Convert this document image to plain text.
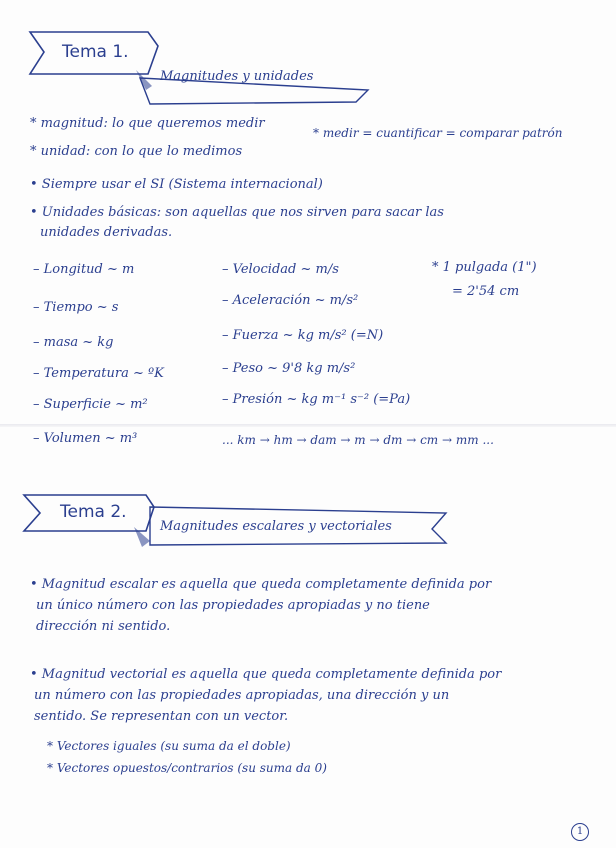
Tema 1.
Magnitudes y unidades
* magnitud: lo que queremos medir
* unidad: con lo que lo medimos
* medir = cuantificar = comparar patrón
• Siempre usar el SI (Sistema internacional)
• Unidades básicas: son aquellas que nos sirven para sacar las
unidades derivadas.
– Longitud ~ m
– Tiempo ~ s
– masa ~ kg
– Temperatura ~ ºK
– Superficie ~ m²
– Volumen ~ m³
– Velocidad ~ m/s
– Aceleración ~ m/s²
– Fuerza ~ kg m/s² (=N)
– Peso ~ 9'8 kg m/s²
– Presión ~ kg m⁻¹ s⁻² (=Pa)
... km → hm → dam → m → dm → cm → mm ...
* 1 pulgada (1")
= 2'54 cm
Tema 2.
Magnitudes escalares y vectoriales
• Magnitud escalar es aquella que queda completamente definida por
un único número con las propiedades apropiadas y no tiene
dirección ni sentido.
• Magnitud vectorial es aquella que queda completamente definida por
un número con las propiedades apropiadas, una dirección y un
sentido. Se representan con un vector.
* Vectores iguales (su suma da el doble)
* Vectores opuestos/contrarios (su suma da 0)
1
